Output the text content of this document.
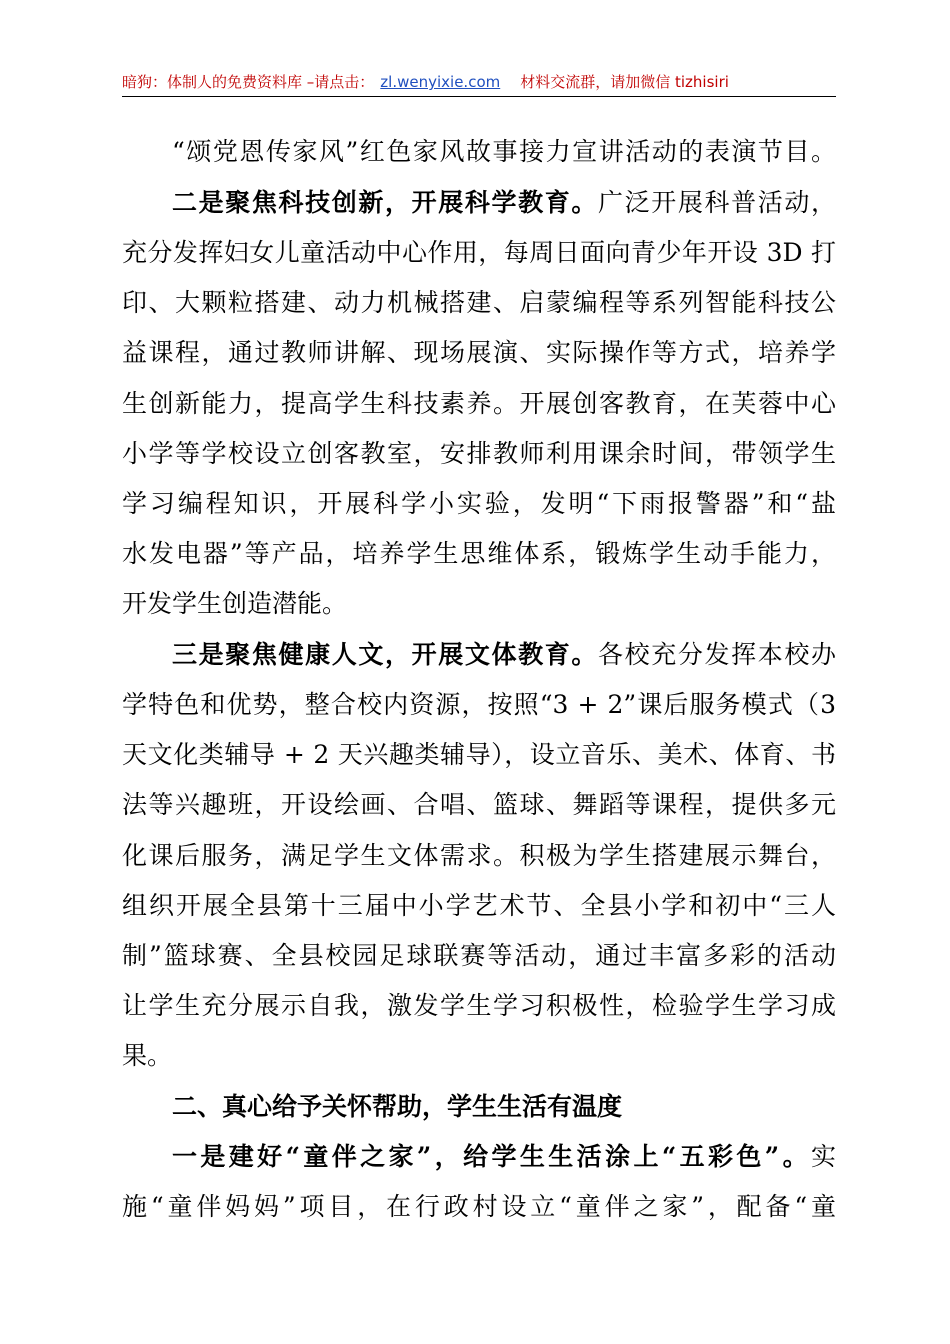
暗狗：体制人的免费资料库 –请点击： zl.wenyixie.com 材料交流群，请加微信 tizhisiri
“颂党恩传家风”红色家风故事接力宣讲活动的表演节目。
二是聚焦科技创新，开展科学教育。广泛开展科普活动，
充分发挥妇女儿童活动中心作用，每周日面向青少年开设 3D 打
印、大颗粒搭建、动力机械搭建、启蒙编程等系列智能科技公
益课程，通过教师讲解、现场展演、实际操作等方式，培养学
生创新能力，提高学生科技素养。开展创客教育，在芙蓉中心
小学等学校设立创客教室，安排教师利用课余时间，带领学生
学习编程知识，开展科学小实验，发明“下雨报警器”和“盐
水发电器”等产品，培养学生思维体系，锻炼学生动手能力，
开发学生创造潜能。
三是聚焦健康人文，开展文体教育。各校充分发挥本校办
学特色和优势，整合校内资源，按照“3 + 2”课后服务模式（3
天文化类辅导 + 2 天兴趣类辅导），设立音乐、美术、体育、书
法等兴趣班，开设绘画、合唱、篮球、舞蹈等课程，提供多元
化课后服务，满足学生文体需求。积极为学生搭建展示舞台，
组织开展全县第十三届中小学艺术节、全县小学和初中“三人
制”篮球赛、全县校园足球联赛等活动，通过丰富多彩的活动
让学生充分展示自我，激发学生学习积极性，检验学生学习成
果。
二、真心给予关怀帮助，学生生活有温度
一是建好“童伴之家”，给学生生活涂上“五彩色”。实
施“童伴妈妈”项目，在行政村设立“童伴之家”，配备“童
